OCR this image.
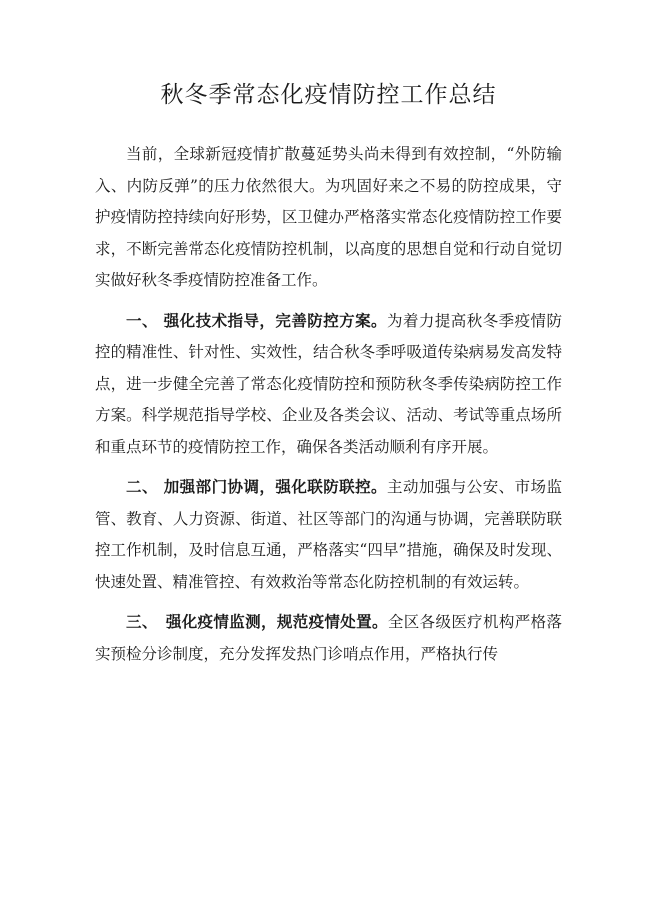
秋冬季常态化疫情防控工作总结

当前，全球新冠疫情扩散蔓延势头尚未得到有效控制，“外防输入、内防反弹”的压力依然很大。为巩固好来之不易的防控成果，守护疫情防控持续向好形势，区卫健办严格落实常态化疫情防控工作要求，不断完善常态化疫情防控机制，以高度的思想自觉和行动自觉切实做好秋冬季疫情防控准备工作。

一、 强化技术指导，完善防控方案。为着力提高秋冬季疫情防控的精准性、针对性、实效性，结合秋冬季呼吸道传染病易发高发特点，进一步健全完善了常态化疫情防控和预防秋冬季传染病防控工作方案。科学规范指导学校、企业及各类会议、活动、考试等重点场所和重点环节的疫情防控工作，确保各类活动顺利有序开展。

二、 加强部门协调，强化联防联控。主动加强与公安、市场监管、教育、人力资源、街道、社区等部门的沟通与协调，完善联防联控工作机制，及时信息互通，严格落实“四早”措施，确保及时发现、快速处置、精准管控、有效救治等常态化防控机制的有效运转。

三、　强化疫情监测，规范疫情处置。全区各级医疗机构严格落实预检分诊制度，充分发挥发热门诊哨点作用，严格执行传
